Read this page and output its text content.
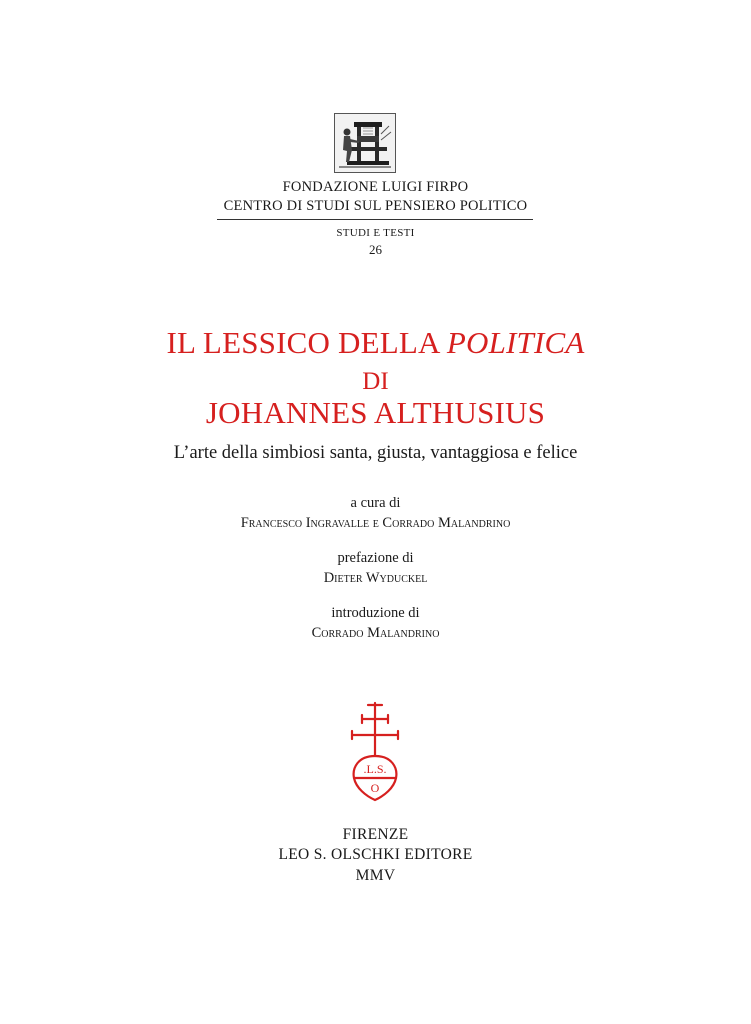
FONDAZIONE LUIGI FIRPO
CENTRO DI STUDI SUL PENSIERO POLITICO
STUDI E TESTI
26
IL LESSICO DELLA POLITICA
DI
JOHANNES ALTHUSIUS
L’arte della simbiosi santa, giusta, vantaggiosa e felice
a cura di
Francesco Ingravalle e Corrado Malandrino
prefazione di
Dieter Wyduckel
introduzione di
Corrado Malandrino
.L.S.
O
FIRENZE
LEO S. OLSCHKI EDITORE
MMV
